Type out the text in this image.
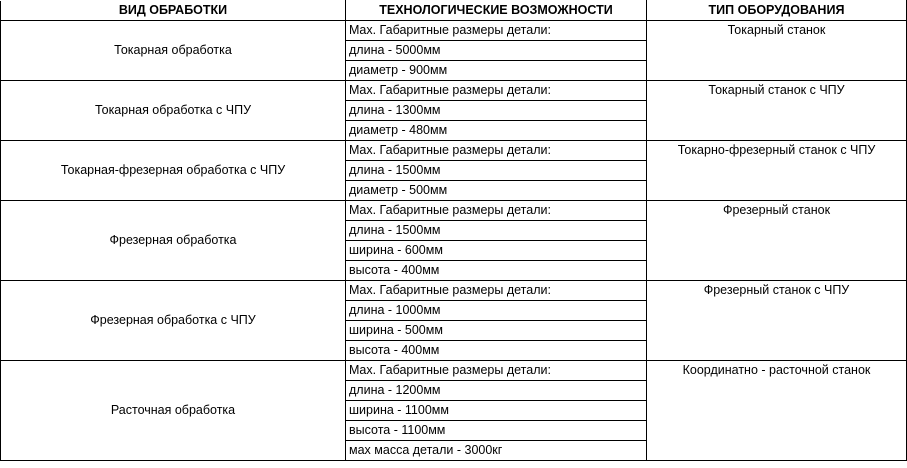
ВИД ОБРАБОТКИ	ТЕХНОЛОГИЧЕСКИЕ ВОЗМОЖНОСТИ	ТИП ОБОРУДОВАНИЯ
Токарная обработка	Max. Габаритные размеры детали:	Токарный станок
	длина - 5000мм	
	диаметр - 900мм	
Токарная обработка с ЧПУ	Max. Габаритные размеры детали:	Токарный станок с ЧПУ
	длина - 1300мм	
	диаметр - 480мм	
Токарная-фрезерная обработка с ЧПУ	Max. Габаритные размеры детали:	Токарно-фрезерный станок с ЧПУ
	длина - 1500мм	
	диаметр - 500мм	
Фрезерная обработка	Max. Габаритные размеры детали:	Фрезерный станок
	длина - 1500мм	
	ширина - 600мм	
	высота - 400мм	
Фрезерная обработка с ЧПУ	Max. Габаритные размеры детали:	Фрезерный станок с ЧПУ
	длина - 1000мм	
	ширина - 500мм	
	высота - 400мм	
Расточная обработка	Max. Габаритные размеры детали:	Координатно - расточной станок
	длина - 1200мм	
	ширина - 1100мм	
	высота - 1100мм	
	мах масса детали - 3000кг	
